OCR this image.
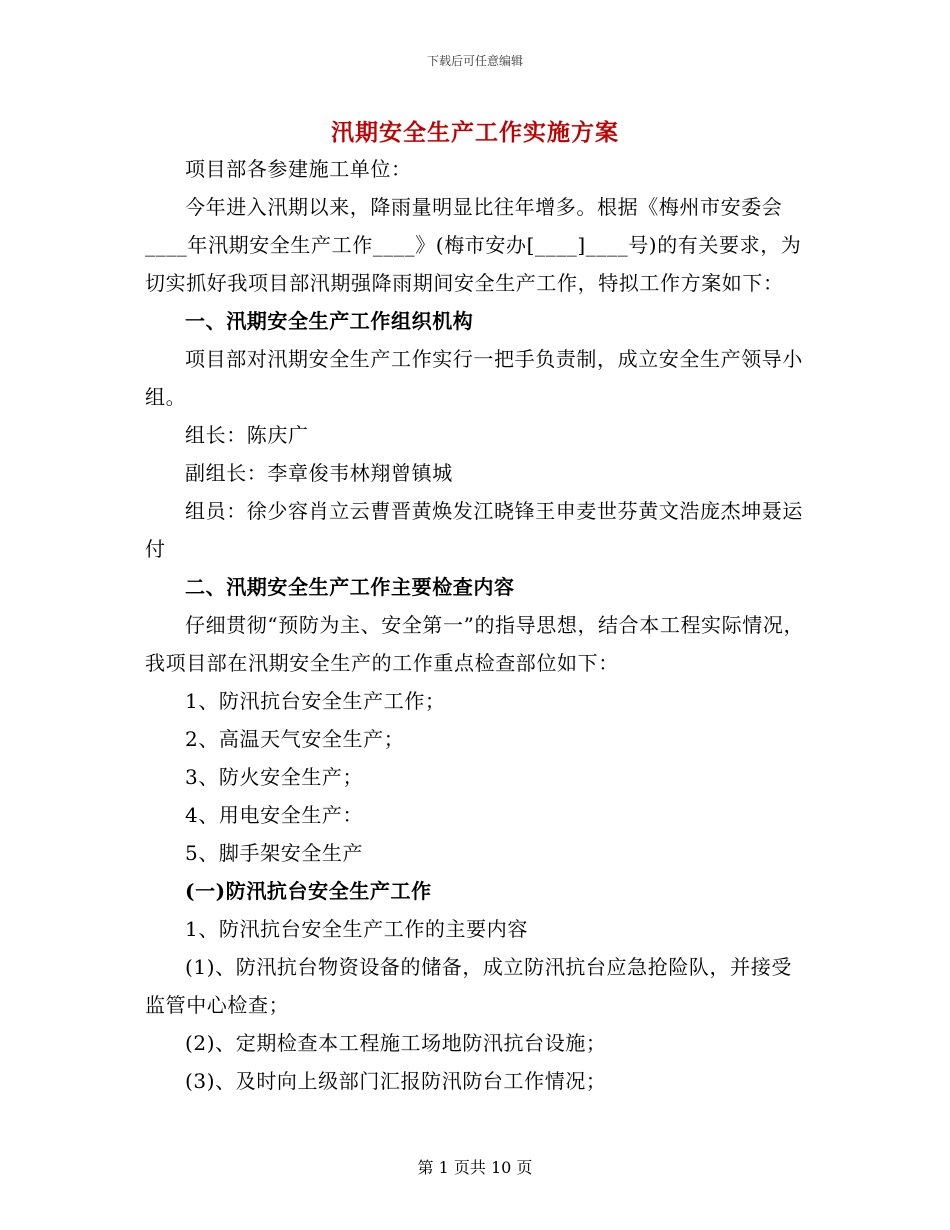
下载后可任意编辑
汛期安全生产工作实施方案

项目部各参建施工单位：

今年进入汛期以来，降雨量明显比往年增多。根据《梅州市安委会____年汛期安全生产工作____》(梅市安办[____]____号)的有关要求，为切实抓好我项目部汛期强降雨期间安全生产工作，特拟工作方案如下：

一、汛期安全生产工作组织机构

项目部对汛期安全生产工作实行一把手负责制，成立安全生产领导小组。

组长：陈庆广

副组长：李章俊韦林翔曾镇城

组员：徐少容肖立云曹晋黄焕发江晓锋王申麦世芬黄文浩庞杰坤聂运付

二、汛期安全生产工作主要检查内容

仔细贯彻“预防为主、安全第一”的指导思想，结合本工程实际情况，我项目部在汛期安全生产的工作重点检查部位如下：

1、防汛抗台安全生产工作；

2、高温天气安全生产；

3、防火安全生产；

4、用电安全生产：

5、脚手架安全生产

(一)防汛抗台安全生产工作

1、防汛抗台安全生产工作的主要内容

(1)、防汛抗台物资设备的储备，成立防汛抗台应急抢险队，并接受监管中心检查；

(2)、定期检查本工程施工场地防汛抗台设施；

(3)、及时向上级部门汇报防汛防台工作情况；

第 1 页共 10 页
